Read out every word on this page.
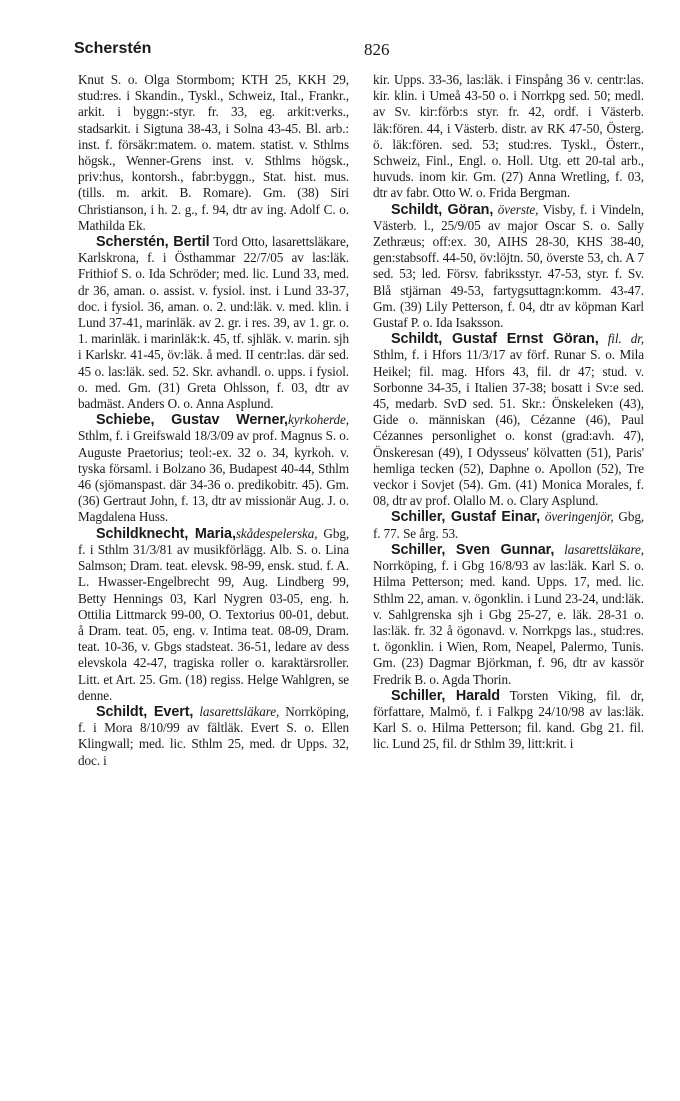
Scherstén	826

Knut S. o. Olga Stormbom; KTH 25, KKH 29, stud:res. i Skandin., Tyskl., Schweiz, Ital., Frankr., arkit. i byggn:-styr. fr. 33, eg. arkit:verks., stadsarkit. i Sigtuna 38-43, i Solna 43-45. Bl. arb.: inst. f. försäkr:matem. o. matem. statist. v. Sthlms högsk., Wenner-Grens inst. v. Sthlms högsk., priv:hus, kontorsh., fabr:byggn., Stat. hist. mus. (tills. m. arkit. B. Romare). Gm. (38) Siri Christianson, i h. 2. g., f. 94, dtr av ing. Adolf C. o. Mathilda Ek.

Scherstén, Bertil Tord Otto, lasarettsläkare, Karlskrona, f. i Östhammar 22/7/05 av las:läk. Frithiof S. o. Ida Schröder; med. lic. Lund 33, med. dr 36, aman. o. assist. v. fysiol. inst. i Lund 33-37, doc. i fysiol. 36, aman. o. 2. und:läk. v. med. klin. i Lund 37-41, marinläk. av 2. gr. i res. 39, av 1. gr. o. 1. marinläk. i marinläk:k. 45, tf. sjhläk. v. marin. sjh i Karlskr. 41-45, öv:läk. å med. II centr:las. där sed. 45 o. las:läk. sed. 52. Skr. avhandl. o. upps. i fysiol. o. med. Gm. (31) Greta Ohlsson, f. 03, dtr av badmäst. Anders O. o. Anna Asplund.

Schiebe, Gustav Werner,kyrkoherde, Sthlm, f. i Greifswald 18/3/09 av prof. Magnus S. o. Auguste Praetorius; teol:-ex. 32 o. 34, kyrkoh. v. tyska församl. i Bolzano 36, Budapest 40-44, Sthlm 46 (sjömanspast. där 34-36 o. predikobitr. 45). Gm. (36) Gertraut John, f. 13, dtr av missionär Aug. J. o. Magdalena Huss.

Schildknecht, Maria,skådespelerska, Gbg, f. i Sthlm 31/3/81 av musikförlägg. Alb. S. o. Lina Salmson; Dram. teat. elevsk. 98-99, ensk. stud. f. A. L. Hwasser-Engelbrecht 99, Aug. Lindberg 99, Betty Hennings 03, Karl Nygren 03-05, eng. h. Ottilia Littmarck 99-00, O. Textorius 00-01, debut. å Dram. teat. 05, eng. v. Intima teat. 08-09, Dram. teat. 10-36, v. Gbgs stadsteat. 36-51, ledare av dess elevskola 42-47, tragiska roller o. karaktärsroller. Litt. et Art. 25. Gm. (18) regiss. Helge Wahlgren, se denne.

Schildt, Evert, lasarettsläkare, Norrköping, f. i Mora 8/10/99 av fältläk. Evert S. o. Ellen Klingwall; med. lic. Sthlm 25, med. dr Upps. 32, doc. i

kir. Upps. 33-36, las:läk. i Finspång 36 v. centr:las. kir. klin. i Umeå 43-50 o. i Norrkpg sed. 50; medl. av Sv. kir:förb:s styr. fr. 42, ordf. i Västerb. läk:fören. 44, i Västerb. distr. av RK 47-50, Österg. ö. läk:fören. sed. 53; stud:res. Tyskl., Österr., Schweiz, Finl., Engl. o. Holl. Utg. ett 20-tal arb., huvuds. inom kir. Gm. (27) Anna Wretling, f. 03, dtr av fabr. Otto W. o. Frida Bergman.

Schildt, Göran, överste, Visby, f. i Vindeln, Västerb. l., 25/9/05 av major Oscar S. o. Sally Zethræus; off:ex. 30, AIHS 28-30, KHS 38-40, gen:stabsoff. 44-50, öv:löjtn. 50, överste 53, ch. A 7 sed. 53; led. Försv. fabriksstyr. 47-53, styr. f. Sv. Blå stjärnan 49-53, fartygsuttagn:komm. 43-47. Gm. (39) Lily Petterson, f. 04, dtr av köpman Karl Gustaf P. o. Ida Isaksson.

Schildt, Gustaf Ernst Göran, fil. dr, Sthlm, f. i Hfors 11/3/17 av förf. Runar S. o. Mila Heikel; fil. mag. Hfors 43, fil. dr 47; stud. v. Sorbonne 34-35, i Italien 37-38; bosatt i Sv:e sed. 45, medarb. SvD sed. 51. Skr.: Önskeleken (43), Gide o. människan (46), Cézanne (46), Paul Cézannes personlighet o. konst (grad:avh. 47), Önskeresan (49), I Odysseus' kölvatten (51), Paris' hemliga tecken (52), Daphne o. Apollon (52), Tre veckor i Sovjet (54). Gm. (41) Monica Morales, f. 08, dtr av prof. Olallo M. o. Clary Asplund.

Schiller, Gustaf Einar, överingenjör, Gbg, f. 77. Se årg. 53.

Schiller, Sven Gunnar, lasarettsläkare, Norrköping, f. i Gbg 16/8/93 av las:läk. Karl S. o. Hilma Petterson; med. kand. Upps. 17, med. lic. Sthlm 22, aman. v. ögonklin. i Lund 23-24, und:läk. v. Sahlgrenska sjh i Gbg 25-27, e. läk. 28-31 o. las:läk. fr. 32 å ögonavd. v. Norrkpgs las., stud:res. t. ögonklin. i Wien, Rom, Neapel, Palermo, Tunis. Gm. (23) Dagmar Björkman, f. 96, dtr av kassör Fredrik B. o. Agda Thorin.

Schiller, Harald Torsten Viking, fil. dr, författare, Malmö, f. i Falkpg 24/10/98 av las:läk. Karl S. o. Hilma Petterson; fil. kand. Gbg 21. fil. lic. Lund 25, fil. dr Sthlm 39, litt:krit. i
